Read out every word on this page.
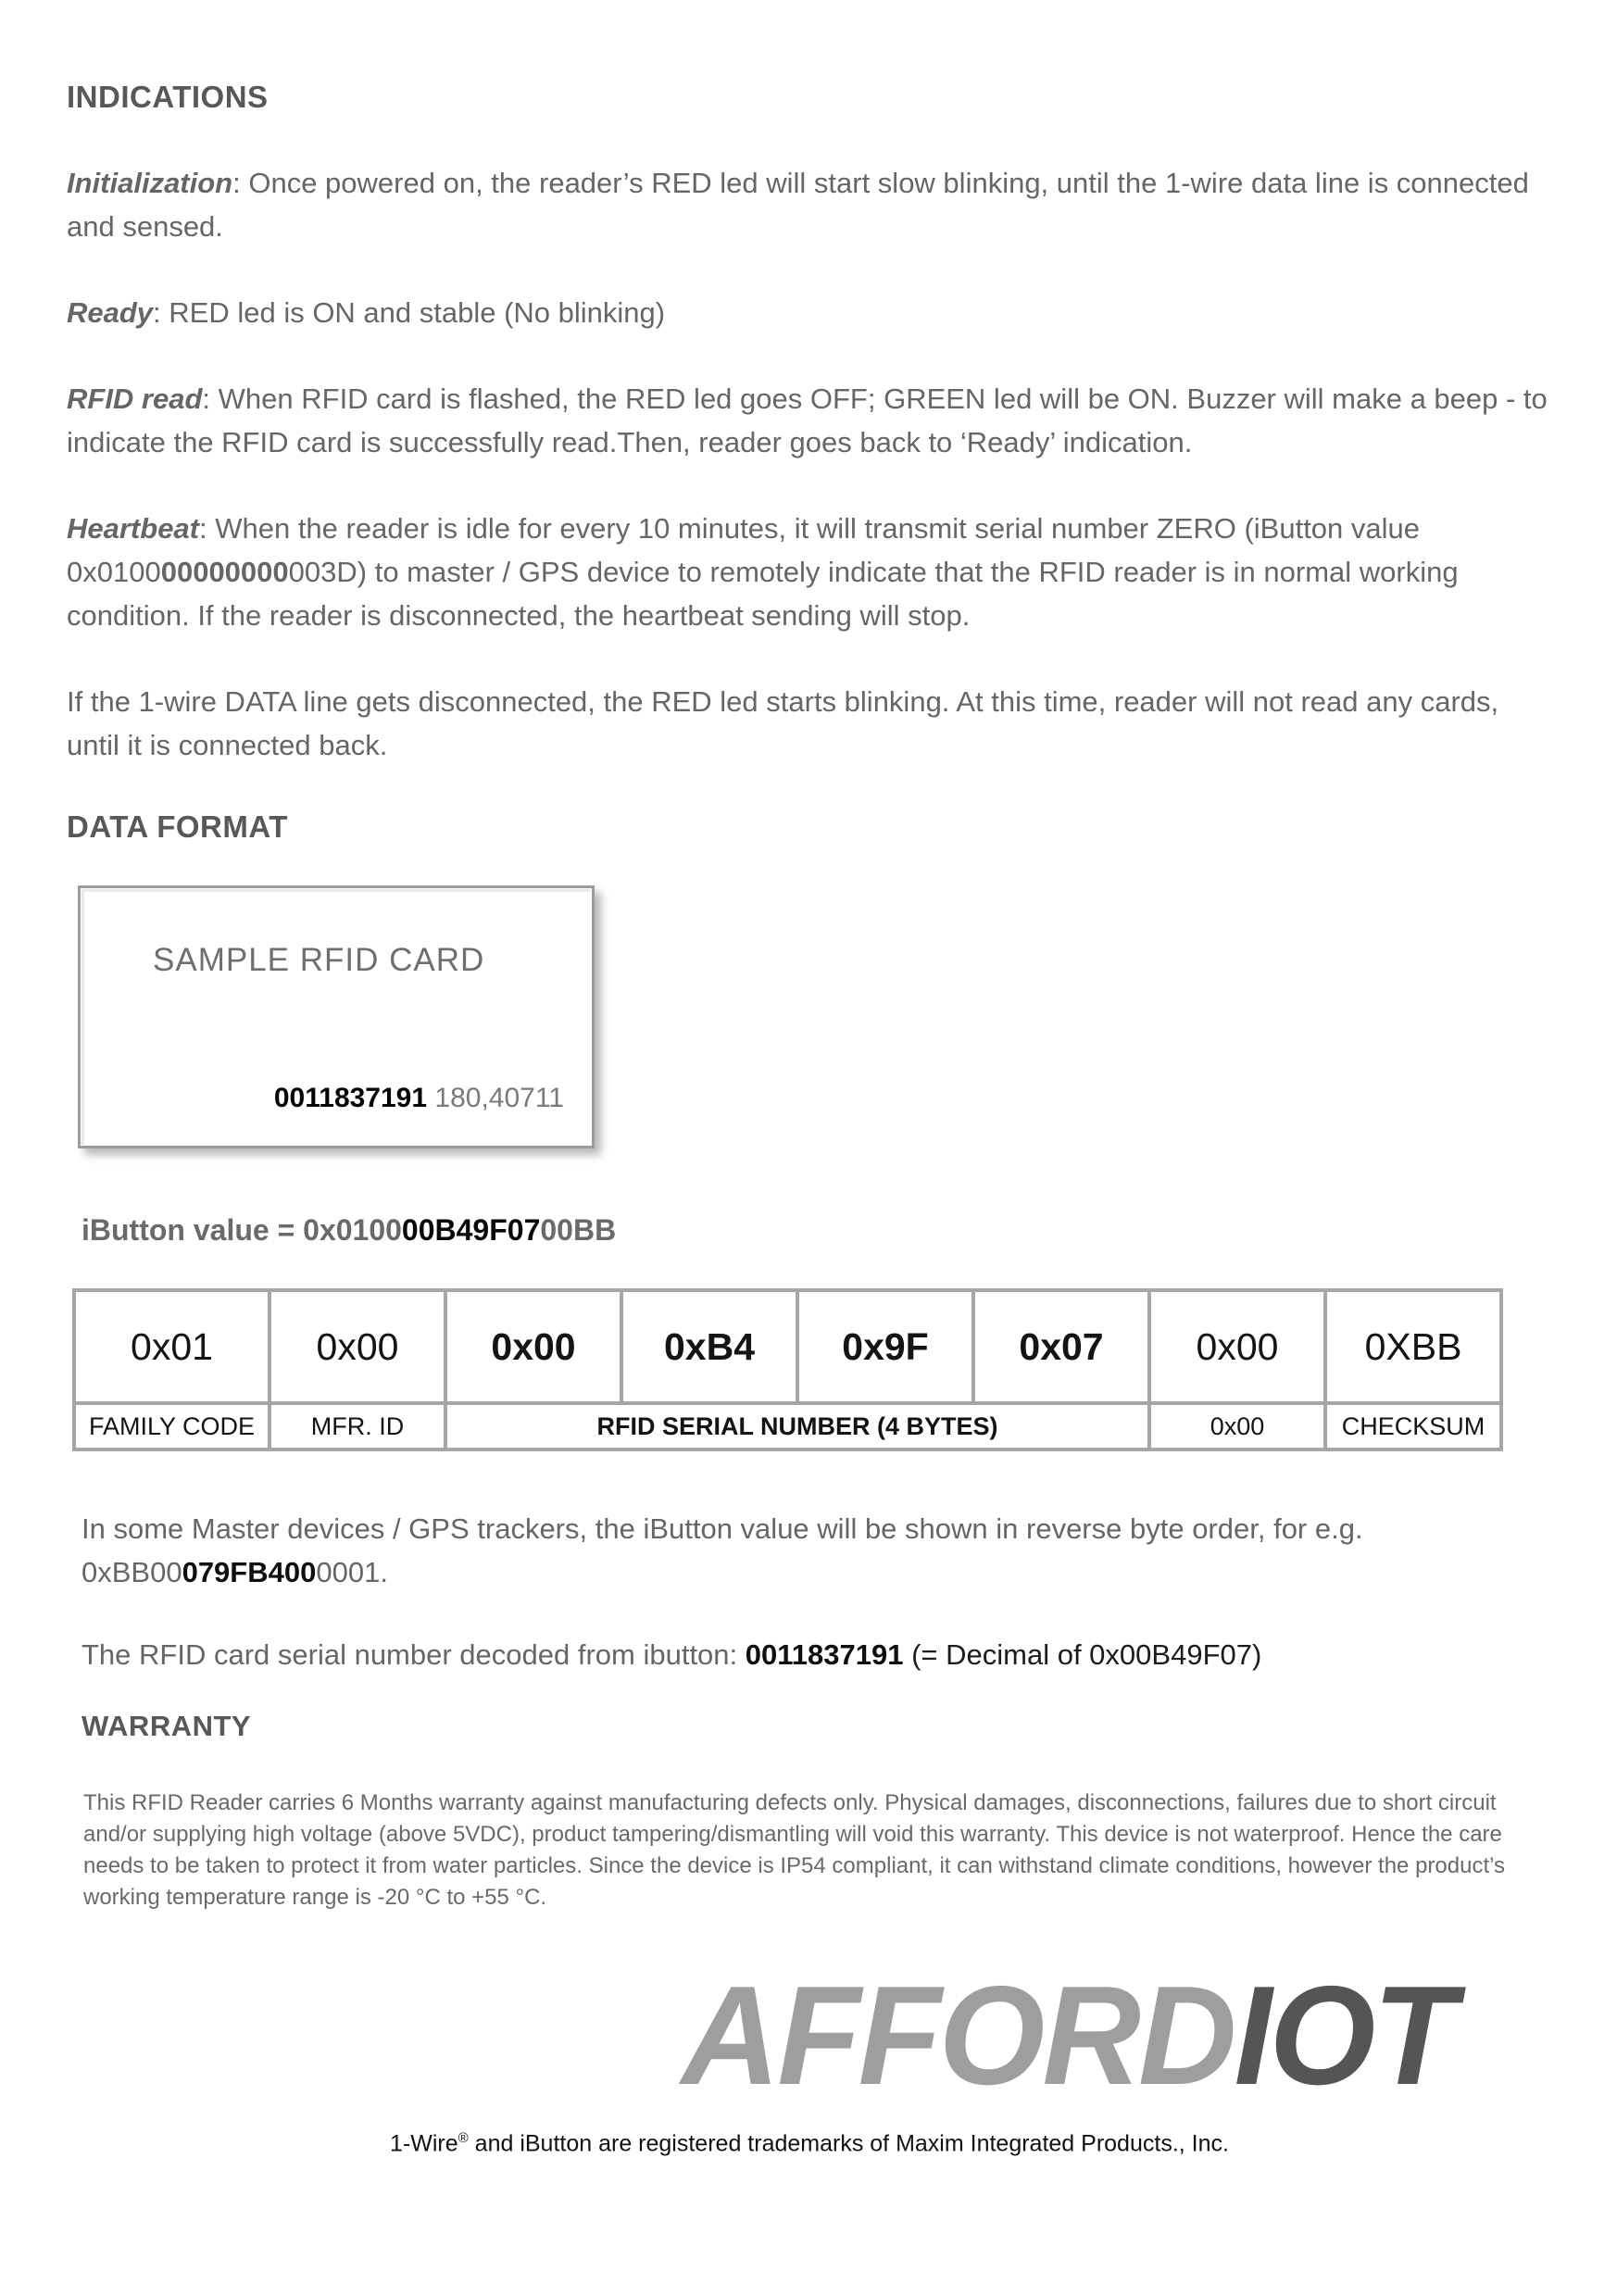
INDICATIONS

Initialization: Once powered on, the reader’s RED led will start slow blinking, until the 1-wire data line is connected and sensed.

Ready: RED led is ON and stable (No blinking)

RFID read: When RFID card is flashed, the RED led goes OFF; GREEN led will be ON. Buzzer will make a beep - to indicate the RFID card is successfully read.Then, reader goes back to ‘Ready’ indication.

Heartbeat: When the reader is idle for every 10 minutes, it will transmit serial number ZERO (iButton value  0x010000000000003D) to master / GPS device to remotely indicate that the RFID reader is in normal working condition. If the reader is disconnected, the heartbeat sending will stop.

If the 1-wire DATA line gets disconnected, the RED led starts blinking. At this time, reader will not read any cards, until it is connected back.

DATA FORMAT
SAMPLE RFID CARD
0011837191 180,40711
iButton value = 0x010000B49F0700BB
0x01	0x00	0x00	0xB4	0x9F	0x07	0x00	0XBB
FAMILY CODE	MFR. ID	RFID SERIAL NUMBER (4 BYTES)				0x00	CHECKSUM

In some Master devices / GPS trackers, the iButton value will be shown in reverse byte order, for e.g. 0xBB00079FB4000001.

The RFID card serial number decoded from ibutton: 0011837191 (= Decimal of 0x00B49F07)

WARRANTY
This RFID Reader carries 6 Months warranty against manufacturing defects only. Physical damages, disconnections, failures due to short circuit and/or supplying high voltage (above 5VDC), product tampering/dismantling will void this warranty. This device is not waterproof. Hence the care needs to be taken to protect it from water particles. Since the device is IP54 compliant, it can withstand climate conditions, however the product’s working temperature range is -20 °C to +55 °C.
AFFORDIOT
1-Wire® and iButton are registered trademarks of Maxim Integrated Products., Inc.
